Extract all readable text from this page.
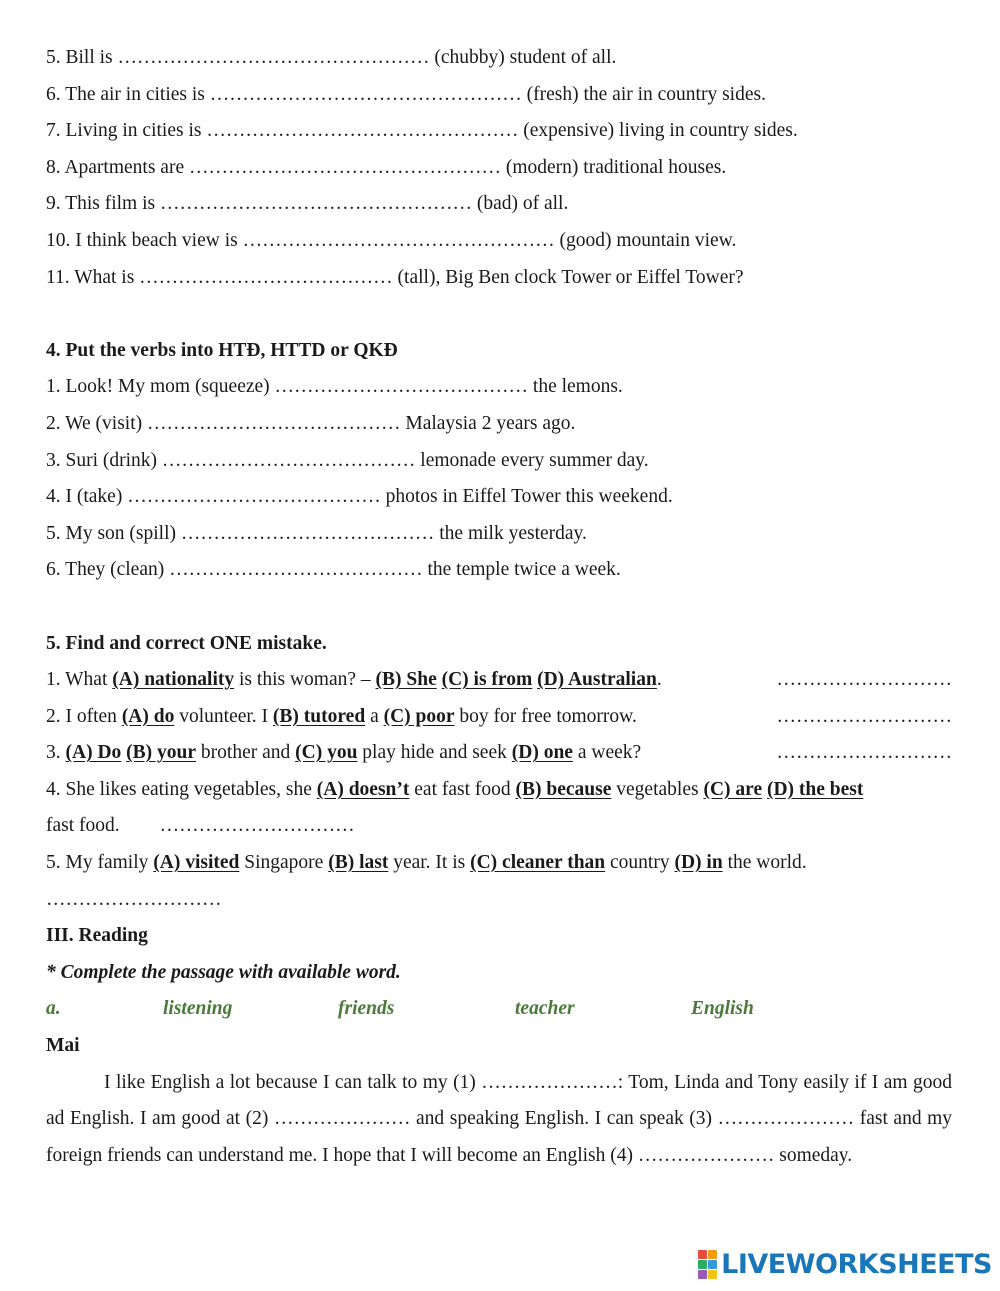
5. Bill is ………………………………………… (chubby) student of all.
6. The air in cities is ………………………………………… (fresh) the air in country sides.
7. Living in cities is ………………………………………… (expensive) living in country sides.
8. Apartments are ………………………………………… (modern) traditional houses.
9. This film is ………………………………………… (bad) of all.
10. I think beach view is ………………………………………… (good) mountain view.
11. What is ………………………………… (tall), Big Ben clock Tower or Eiffel Tower?
4. Put the verbs into HTĐ, HTTD or QKĐ
1. Look! My mom (squeeze) ………………………………… the lemons.
2. We (visit) ………………………………… Malaysia 2 years ago.
3. Suri (drink) ………………………………… lemonade every summer day.
4. I (take) ………………………………… photos in Eiffel Tower this weekend.
5. My son (spill) ………………………………… the milk yesterday.
6. They (clean) ………………………………… the temple twice a week.
5. Find and correct ONE mistake.
1. What (A) nationality is this woman? – (B) She (C) is from (D) Australian.	………………………
2. I often (A) do volunteer. I (B) tutored a (C) poor boy for free tomorrow.	………………………
3. (A) Do (B) your brother and (C) you play hide and seek (D) one a week?	………………………
4. She likes eating vegetables, she (A) doesn’t eat fast food (B) because vegetables (C) are (D) the best
fast food. …………………………
5. My family (A) visited Singapore (B) last year. It is (C) cleaner than country (D) in the world.
………………………
III. Reading
* Complete the passage with available word.
a.	listening	friends	teacher	English
Mai
I like English a lot because I can talk to my (1) …………………: Tom, Linda and Tony easily if I am good ad English. I am good at (2) ………………… and speaking English. I can speak (3) ………………… fast and my foreign friends can understand me. I hope that I will become an English (4) ………………… someday.
LIVEWORKSHEETS
